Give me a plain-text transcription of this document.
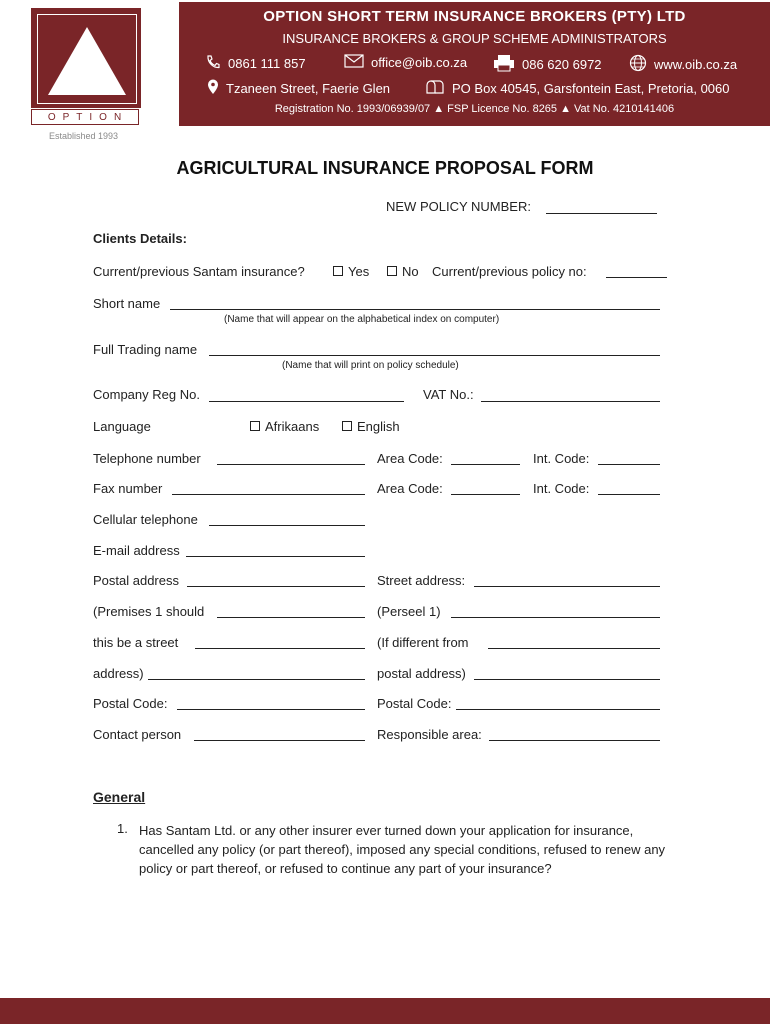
OPTION
Established 1993
OPTION SHORT TERM INSURANCE BROKERS (PTY) LTD
INSURANCE BROKERS & GROUP SCHEME ADMINISTRATORS
0861 111 857	office@oib.co.za	086 620 6972	www.oib.co.za
Tzaneen Street, Faerie Glen	PO Box 40545, Garsfontein East, Pretoria, 0060
Registration No. 1993/06939/07 ▲ FSP Licence No. 8265 ▲ Vat No. 4210141406
AGRICULTURAL INSURANCE PROPOSAL FORM
NEW POLICY NUMBER:
Clients Details:
Current/previous Santam insurance?	Yes	No Current/previous policy no:
Short name
(Name that will appear on the alphabetical index on computer)
Full Trading name
(Name that will print on policy schedule)
Company Reg No.	VAT No.:
Language	Afrikaans	English
Telephone number	Area Code:	Int. Code:
Fax number	Area Code:	Int. Code:
Cellular telephone
E-mail address
Postal address	Street address:
(Premises 1 should	(Perseel 1)
this be a street	(If different from
address)	postal address)
Postal Code:	Postal Code:
Contact person	Responsible area:
General
1. Has Santam Ltd. or any other insurer ever turned down your application for insurance, cancelled any policy (or part thereof), imposed any special conditions, refused to renew any policy or part thereof, or refused to continue any part of your insurance?
